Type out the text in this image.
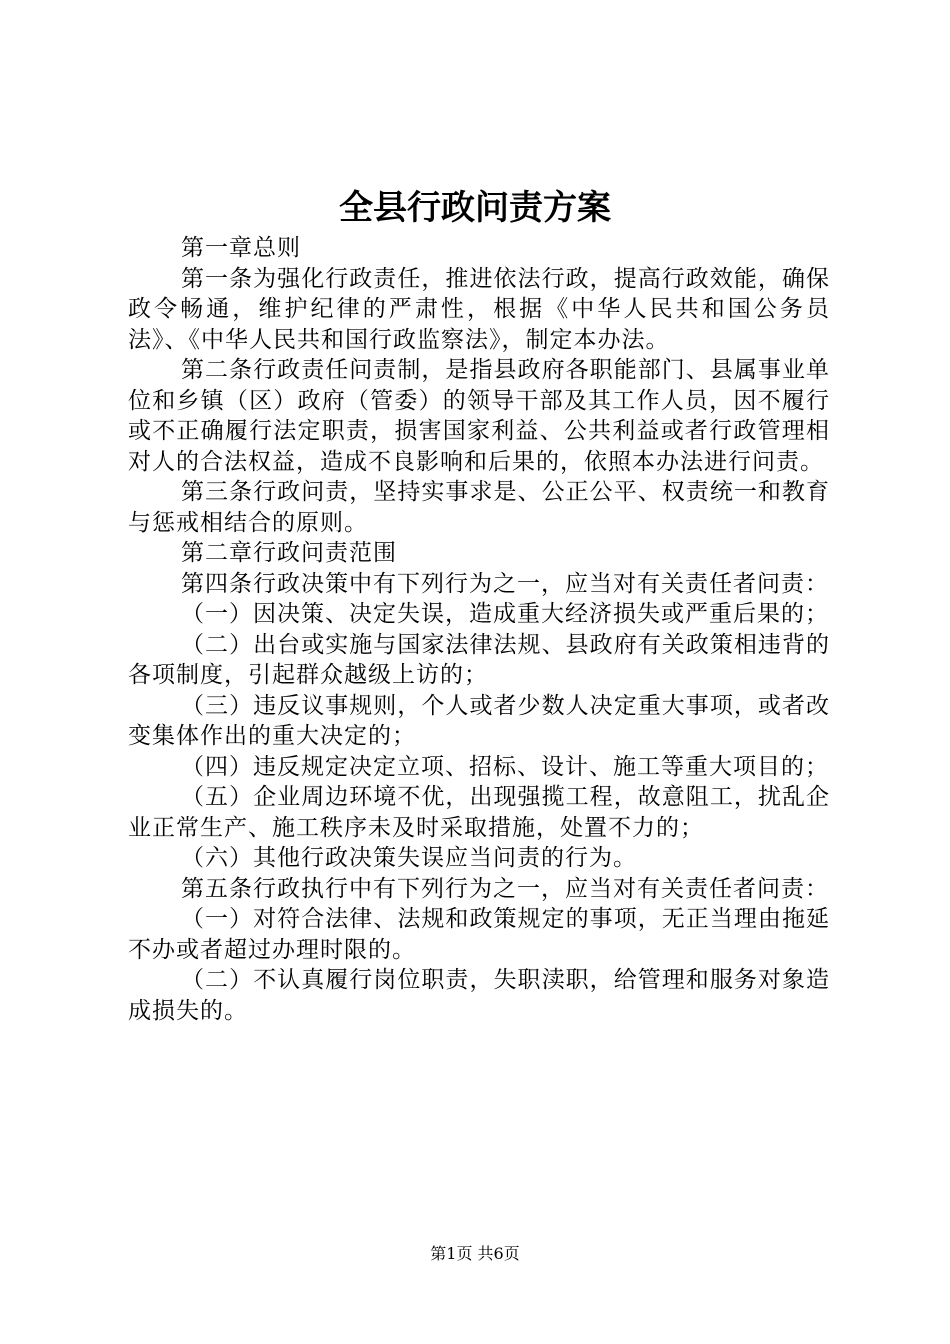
全县行政问责方案

第一章总则

第一条为强化行政责任，推进依法行政，提高行政效能，确保政令畅通，维护纪律的严肃性，根据《中华人民共和国公务员法》、《中华人民共和国行政监察法》，制定本办法。

第二条行政责任问责制，是指县政府各职能部门、县属事业单位和乡镇（区）政府（管委）的领导干部及其工作人员，因不履行或不正确履行法定职责，损害国家利益、公共利益或者行政管理相对人的合法权益，造成不良影响和后果的，依照本办法进行问责。

第三条行政问责，坚持实事求是、公正公平、权责统一和教育与惩戒相结合的原则。

第二章行政问责范围

第四条行政决策中有下列行为之一，应当对有关责任者问责：

（一）因决策、决定失误，造成重大经济损失或严重后果的；

（二）出台或实施与国家法律法规、县政府有关政策相违背的各项制度，引起群众越级上访的；

（三）违反议事规则，个人或者少数人决定重大事项，或者改变集体作出的重大决定的；

（四）违反规定决定立项、招标、设计、施工等重大项目的；

（五）企业周边环境不优，出现强揽工程，故意阻工，扰乱企业正常生产、施工秩序未及时采取措施，处置不力的；

（六）其他行政决策失误应当问责的行为。

第五条行政执行中有下列行为之一，应当对有关责任者问责：

（一）对符合法律、法规和政策规定的事项，无正当理由拖延不办或者超过办理时限的。

（二）不认真履行岗位职责，失职渎职，给管理和服务对象造成损失的。

第1页 共6页
